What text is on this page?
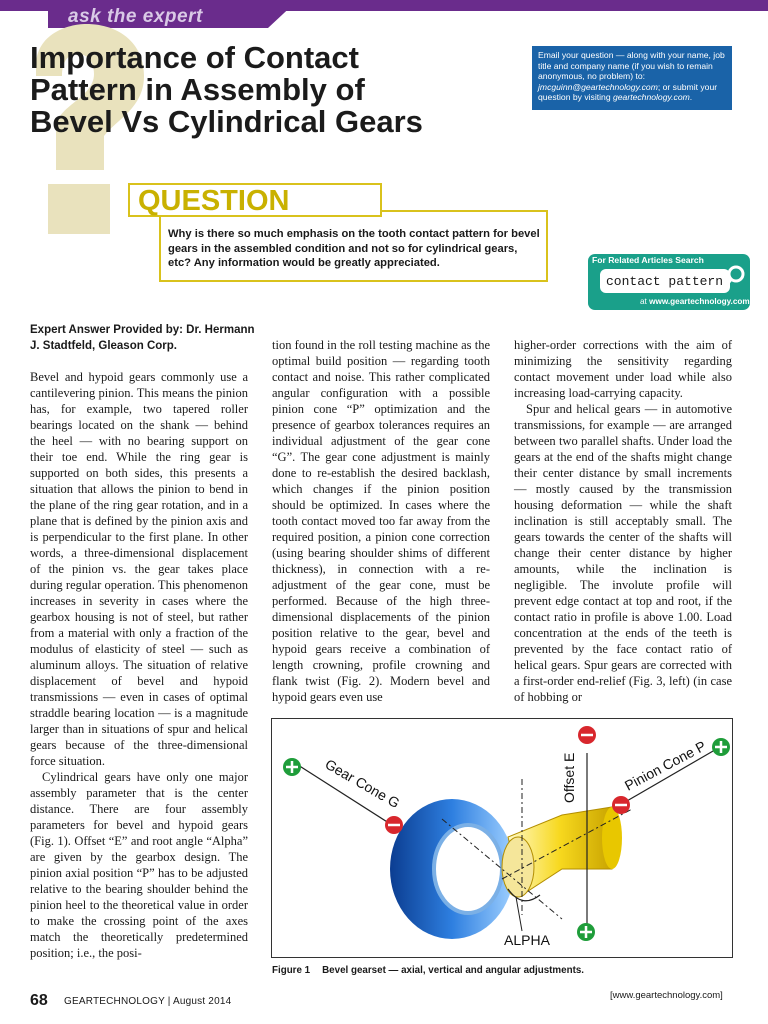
ask the expert
Importance of Contact
Pattern in Assembly of
Bevel Vs Cylindrical Gears
Email your question — along with your name, job title and company name (if you wish to remain anonymous, no problem) to: jmcguinn@geartechnology.com; or submit your question by visiting geartechnology.com.
QUESTION
Why is there so much emphasis on the tooth contact pattern for bevel gears in the assembled condition and not so for cylindrical gears, etc? Any information would be greatly appreciated.	For Related Articles Search
contact pattern
at www.geartechnology.com
Expert Answer Provided by: Dr. Hermann J. Stadtfeld, Gleason Corp.

Bevel and hypoid gears commonly use a cantilevering pinion. This means the pinion has, for example, two tapered roller bearings located on the shank — behind the heel — with no bearing support on their toe end. While the ring gear is supported on both sides, this presents a situation that allows the pinion to bend in the plane of the ring gear rotation, and in a plane that is defined by the pinion axis and is perpendicular to the first plane. In other words, a three-dimensional displacement of the pinion vs. the gear takes place during regular operation. This phenomenon increases in severity in cases where the gearbox housing is not of steel, but rather from a material with only a fraction of the modulus of elasticity of steel — such as aluminum alloys. The situation of relative displacement of bevel and hypoid transmissions — even in cases of optimal straddle bearing location — is a magnitude larger than in situations of spur and helical gears because of the three-dimensional force situation.

Cylindrical gears have only one major assembly parameter that is the center distance. There are four assembly parameters for bevel and hypoid gears (Fig. 1). Offset “E” and root angle “Alpha” are given by the gearbox design. The pinion axial position “P” has to be adjusted relative to the bearing shoulder behind the pinion heel to the theoretical value in order to make the crossing point of the axes match the theoretically predetermined position; i.e., the posi-

tion found in the roll testing machine as the optimal build position — regarding tooth contact and noise. This rather complicated angular configuration with a possible pinion cone “P” optimization and the presence of gearbox tolerances requires an individual adjustment of the gear cone “G”. The gear cone adjustment is mainly done to re-establish the desired backlash, which changes if the pinion position should be optimized. In cases where the tooth contact moved too far away from the required position, a pinion cone correction (using bearing shoulder shims of different thickness), in connection with a re-adjustment of the gear cone, must be performed. Because of the high three-dimensional displacements of the pinion position relative to the gear, bevel and hypoid gears receive a combination of length crowning, profile crowning and flank twist (Fig. 2). Modern bevel and hypoid gears even use

higher-order corrections with the aim of minimizing the sensitivity regarding contact movement under load while also increasing load-carrying capacity.

Spur and helical gears — in automotive transmissions, for example — are arranged between two parallel shafts. Under load the gears at the end of the shafts might change their center distance by small increments — mostly caused by the transmission housing deformation — while the shaft inclination is still acceptably small. The gears towards the center of the shafts will change their center distance by higher amounts, while the inclination is negligible. The involute profile will prevent edge contact at top and root, if the contact ratio in profile is above 1.00. Load concentration at the ends of the teeth is prevented by the face contact ratio of helical gears. Spur gears are corrected with a first-order end-relief (Fig. 3, left) (in case of hobbing or

Gear Cone G	Offset E	Pinion Cone P
ALPHA
Figure 1 Bevel gearset — axial, vertical and angular adjustments.
68 GEARTECHNOLOGY | August 2014
[www.geartechnology.com]
